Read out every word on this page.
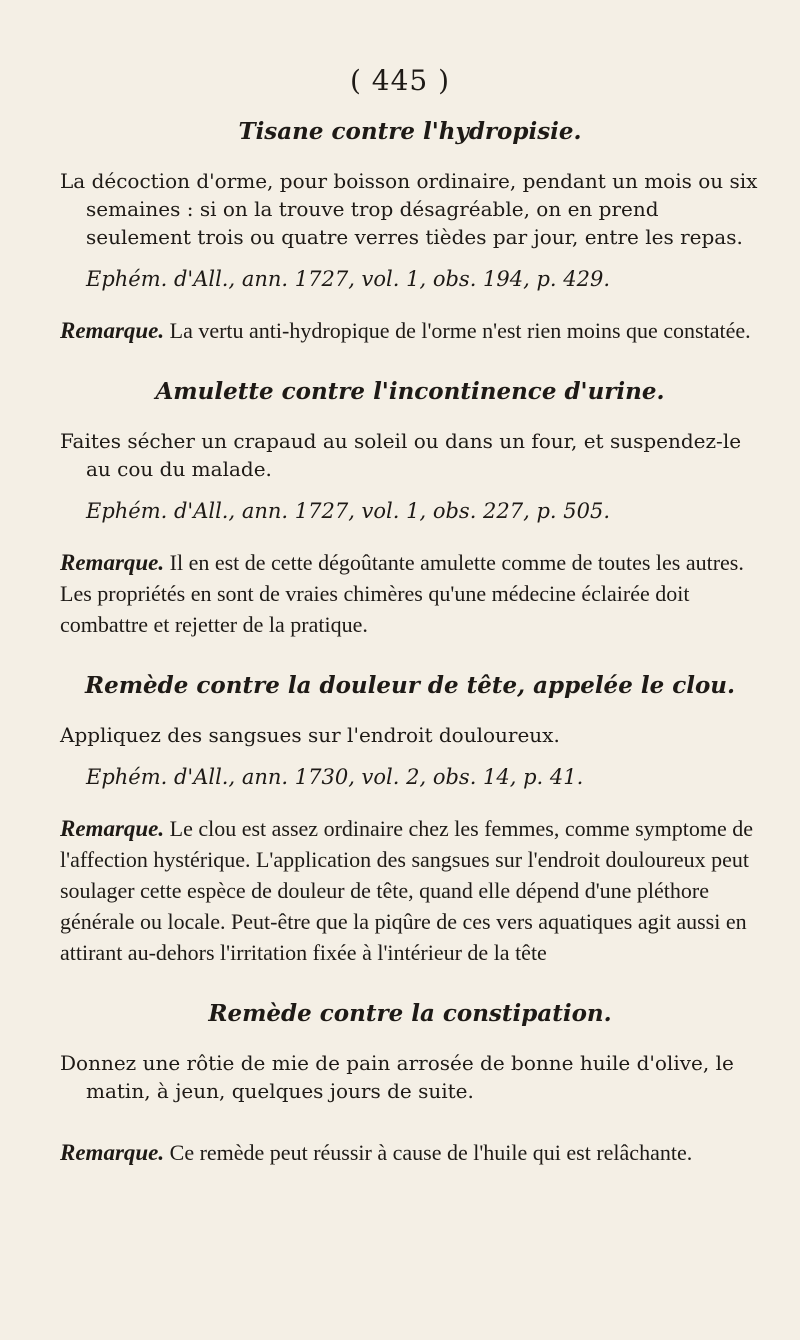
( 445 )

Tisane contre l'hydropisie.

La décoction d'orme, pour boisson ordinaire, pendant un mois ou six semaines : si on la trouve trop désagréable, on en prend seulement trois ou quatre verres tièdes par jour, entre les repas.

Ephém. d'All., ann. 1727, vol. 1, obs. 194, p. 429.

Remarque. La vertu anti-hydropique de l'orme n'est rien moins que constatée.

Amulette contre l'incontinence d'urine.

Faites sécher un crapaud au soleil ou dans un four, et suspendez-le au cou du malade.

Ephém. d'All., ann. 1727, vol. 1, obs. 227, p. 505.

Remarque. Il en est de cette dégoûtante amulette comme de toutes les autres. Les propriétés en sont de vraies chimères qu'une médecine éclairée doit combattre et rejetter de la pratique.

Remède contre la douleur de tête, appelée le clou.

Appliquez des sangsues sur l'endroit douloureux.

Ephém. d'All., ann. 1730, vol. 2, obs. 14, p. 41.

Remarque. Le clou est assez ordinaire chez les femmes, comme symptome de l'affection hystérique. L'application des sangsues sur l'endroit douloureux peut soulager cette espèce de douleur de tête, quand elle dépend d'une pléthore générale ou locale. Peut-être que la piqûre de ces vers aquatiques agit aussi en attirant au-dehors l'irritation fixée à l'intérieur de la tête

Remède contre la constipation.

Donnez une rôtie de mie de pain arrosée de bonne huile d'olive, le matin, à jeun, quelques jours de suite.

Remarque. Ce remède peut réussir à cause de l'huile qui est relâchante.
